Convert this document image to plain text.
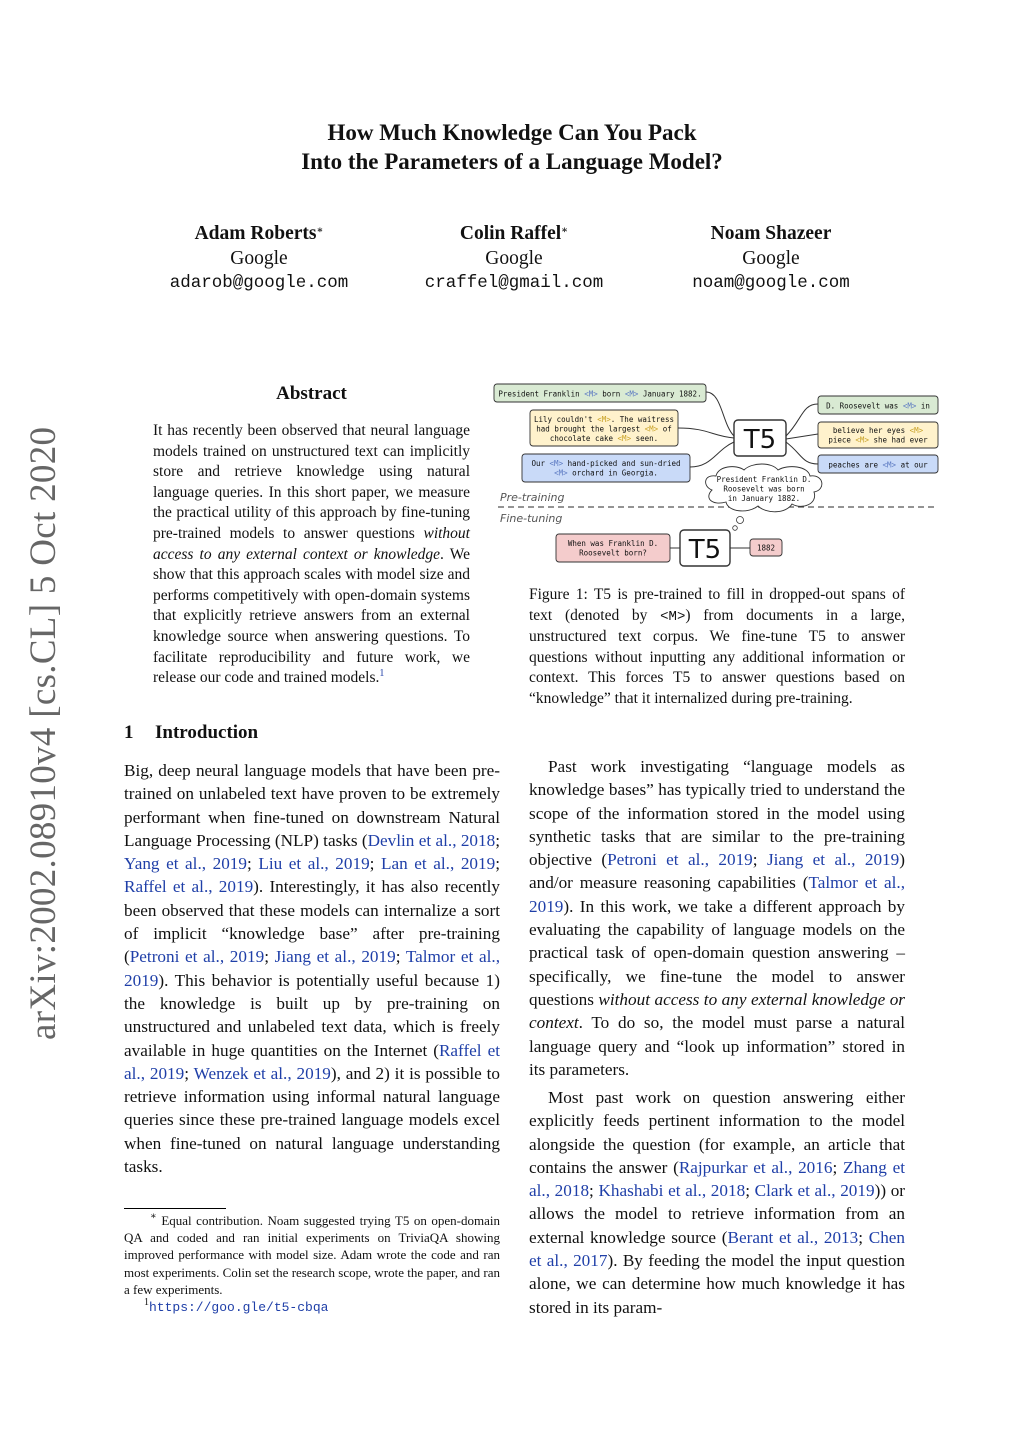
How Much Knowledge Can You Pack
Into the Parameters of a Language Model?
Adam Roberts∗
Google
adarob@google.com
Colin Raffel∗
Google
craffel@gmail.com
Noam Shazeer
Google
noam@google.com
arXiv:2002.08910v4 [cs.CL] 5 Oct 2020
Abstract
It has recently been observed that neural language models trained on unstructured text can implicitly store and retrieve knowledge using natural language queries. In this short paper, we measure the practical utility of this approach by fine-tuning pre-trained models to answer questions without access to any external context or knowledge. We show that this approach scales with model size and performs competitively with open-domain systems that explicitly retrieve answers from an external knowledge source when answering questions. To facilitate reproducibility and future work, we release our code and trained models.$^1$
1 Introduction
Big, deep neural language models that have been pre-trained on unlabeled text have proven to be extremely performant when fine-tuned on downstream Natural Language Processing (NLP) tasks (Devlin et al., 2018; Yang et al., 2019; Liu et al., 2019; Lan et al., 2019; Raffel et al., 2019). Interestingly, it has also recently been observed that these models can internalize a sort of implicit “knowledge base” after pre-training (Petroni et al., 2019; Jiang et al., 2019; Talmor et al., 2019). This behavior is potentially useful because 1) the knowledge is built up by pre-training on unstructured and unlabeled text data, which is freely available in huge quantities on the Internet (Raffel et al., 2019; Wenzek et al., 2019), and 2) it is possible to retrieve information using informal natural language queries since these pre-trained language models excel when fine-tuned on natural language understanding tasks.
∗ Equal contribution. Noam suggested trying T5 on open-domain QA and coded and ran initial experiments on TriviaQA showing improved performance with model size. Adam wrote the code and ran most experiments. Colin set the research scope, wrote the paper, and ran a few experiments.
$^1$https://goo.gle/t5-cbqa
President Franklin <M> born <M> January 1882.
Lily couldn't <M>. The waitress
had brought the largest <M> of
chocolate cake <M> seen.
Our <M> hand-picked and sun-dried
<M> orchard in Georgia.
T5
D. Roosevelt was <M> in
believe her eyes <M>
piece <M> she had ever
peaches are <M> at our
Pre-training
Fine-tuning
President Franklin D.
Roosevelt was born
in January 1882.
When was Franklin D.
Roosevelt born? T5	1882
Figure 1: T5 is pre-trained to fill in dropped-out spans of text (denoted by <M>) from documents in a large, unstructured text corpus. We fine-tune T5 to answer questions without inputting any additional information or context. This forces T5 to answer questions based on “knowledge” that it internalized during pre-training.
Past work investigating “language models as knowledge bases” has typically tried to understand the scope of the information stored in the model using synthetic tasks that are similar to the pre-training objective (Petroni et al., 2019; Jiang et al., 2019) and/or measure reasoning capabilities (Talmor et al., 2019). In this work, we take a different approach by evaluating the capability of language models on the practical task of open-domain question answering – specifically, we fine-tune the model to answer questions without access to any external knowledge or context. To do so, the model must parse a natural language query and “look up information” stored in its parameters.
Most past work on question answering either explicitly feeds pertinent information to the model alongside the question (for example, an article that contains the answer (Rajpurkar et al., 2016; Zhang et al., 2018; Khashabi et al., 2018; Clark et al., 2019)) or allows the model to retrieve information from an external knowledge source (Berant et al., 2013; Chen et al., 2017). By feeding the model the input question alone, we can determine how much knowledge it has stored in its param-
